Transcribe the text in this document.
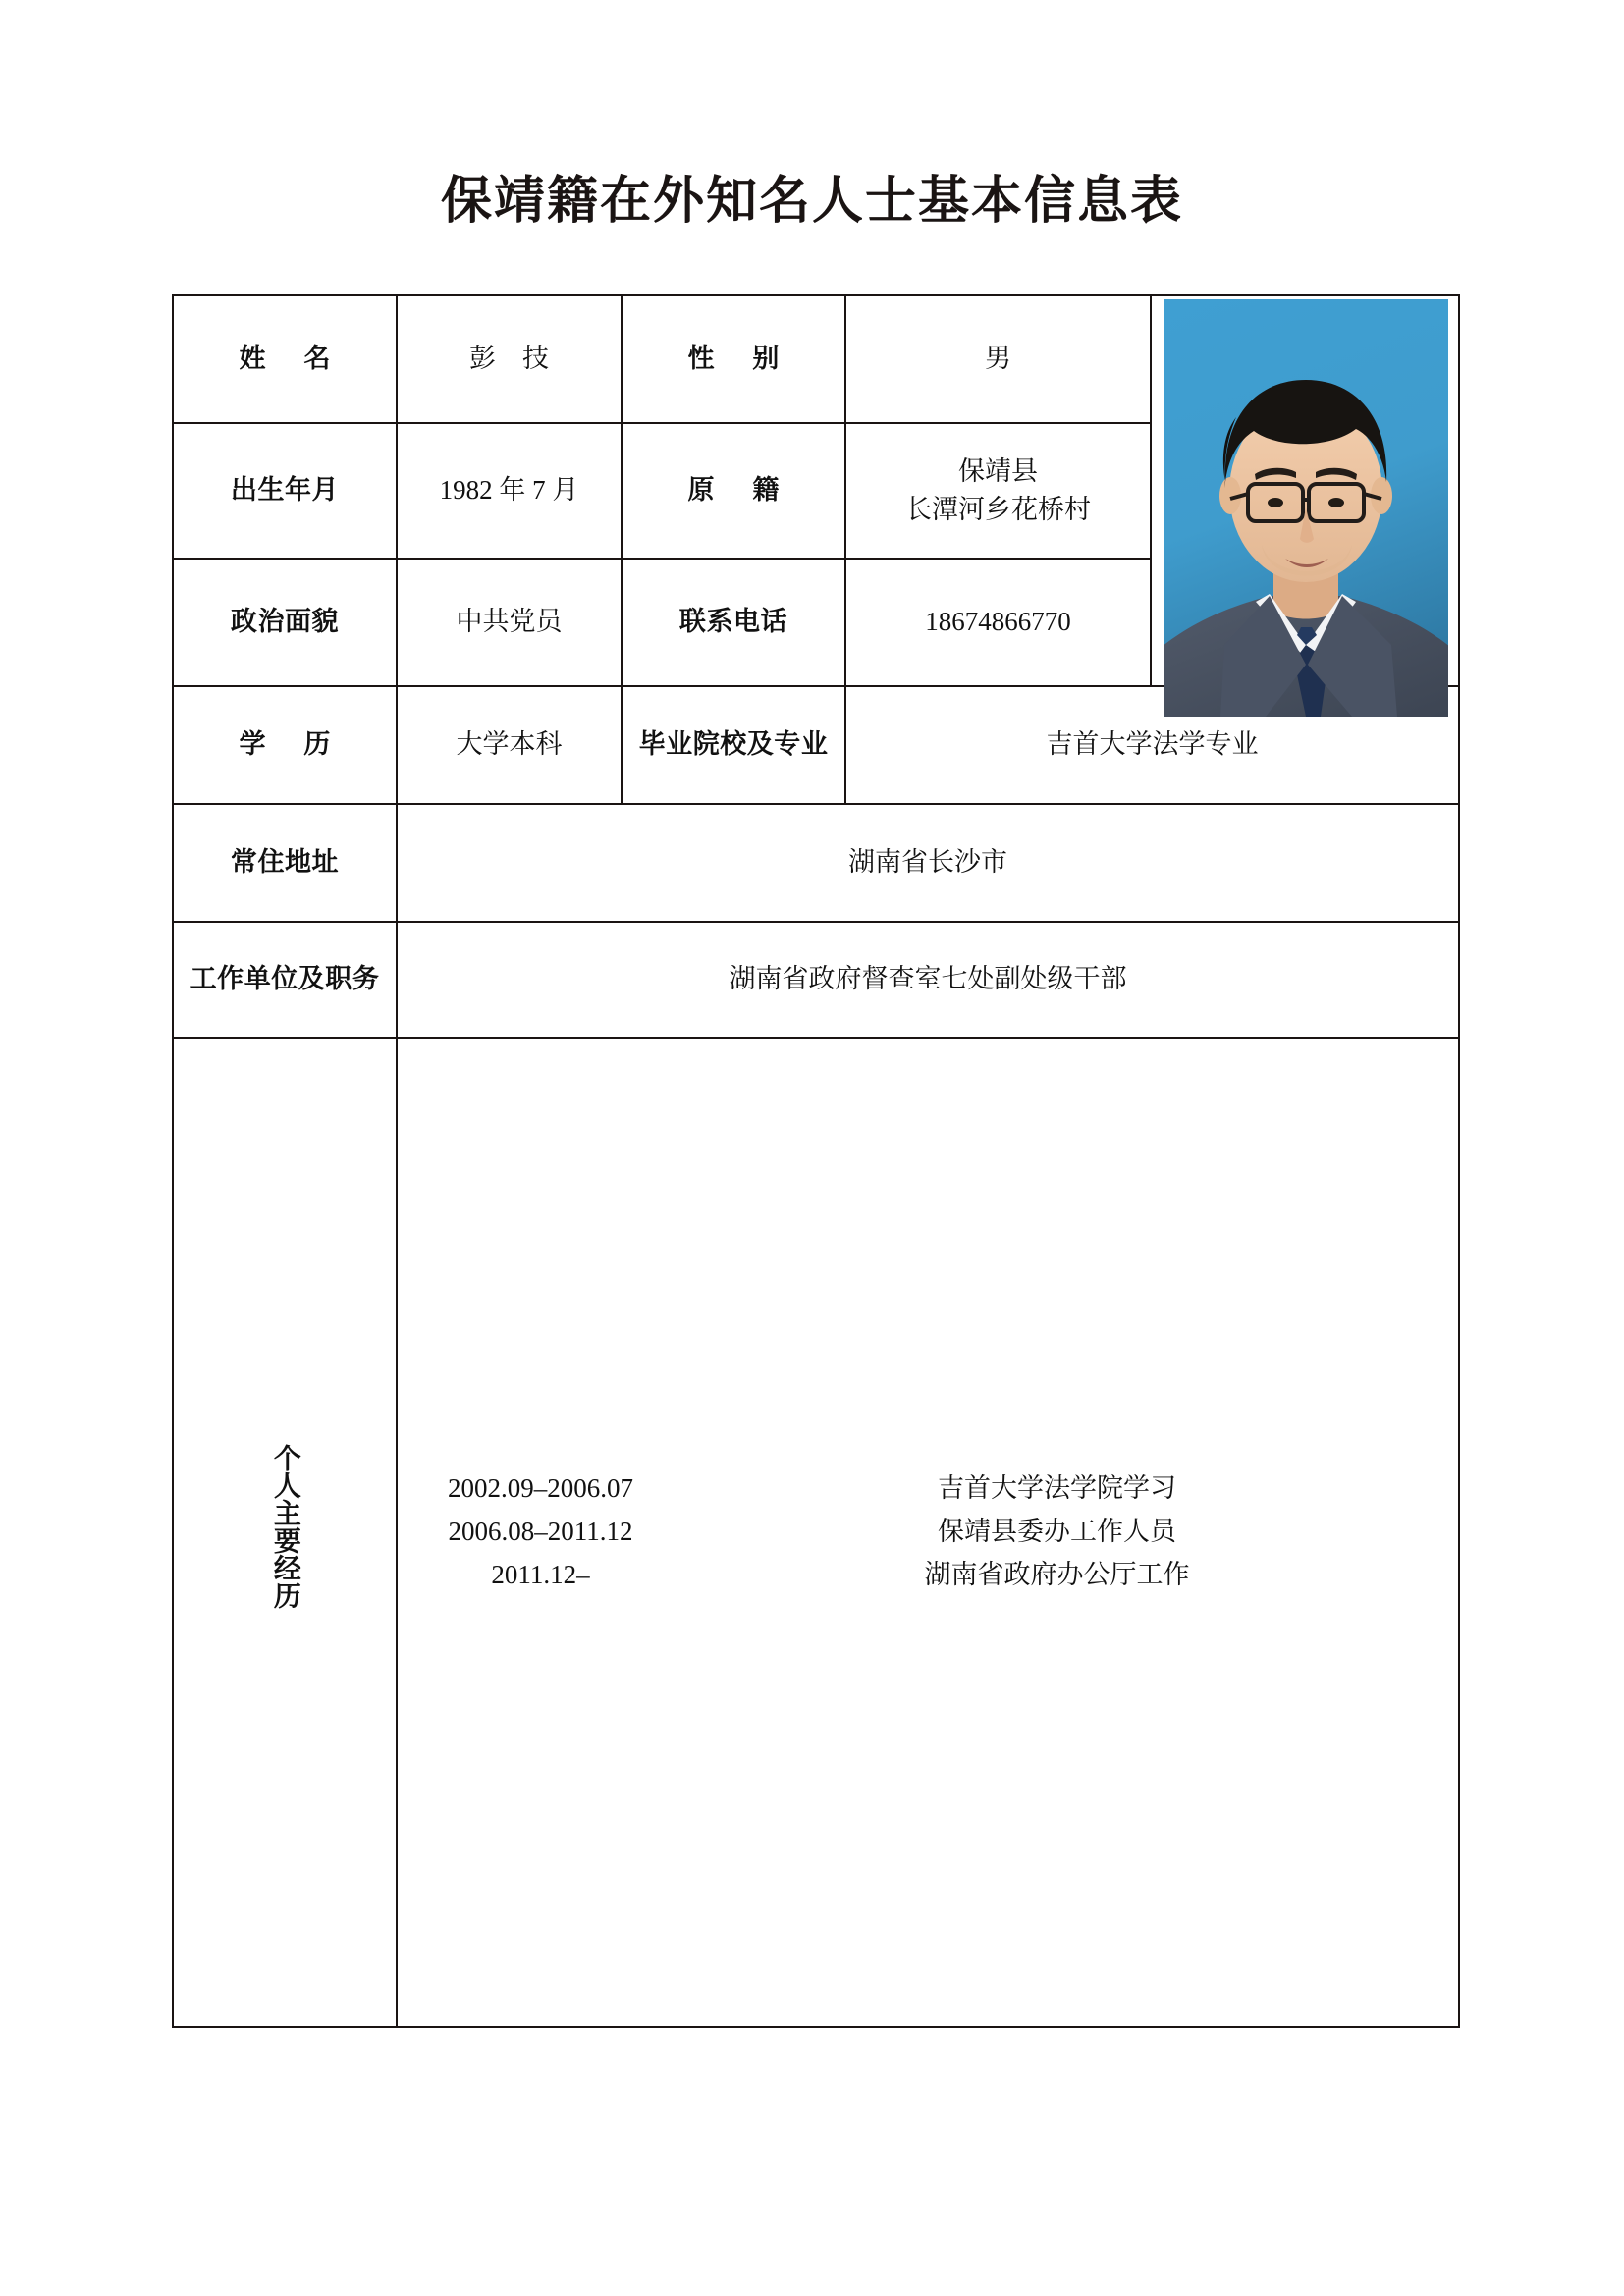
保靖籍在外知名人士基本信息表
姓　名	彭　技	性　别	男	

出生年月	1982 年 7 月	原　籍	保靖县
长潭河乡花桥村	

政治面貌	中共党员	联系电话	18674866770	
学　历	大学本科	毕业院校及专业	吉首大学法学专业	
常住地址	湖南省长沙市			
工作单位及职务	湖南省政府督查室七处副处级干部			
个人主要经历	2002.09–2006.07	吉首大学法学院学习
2006.08–2011.12	保靖县委办工作人员
2011.12–	湖南省政府办公厅工作
